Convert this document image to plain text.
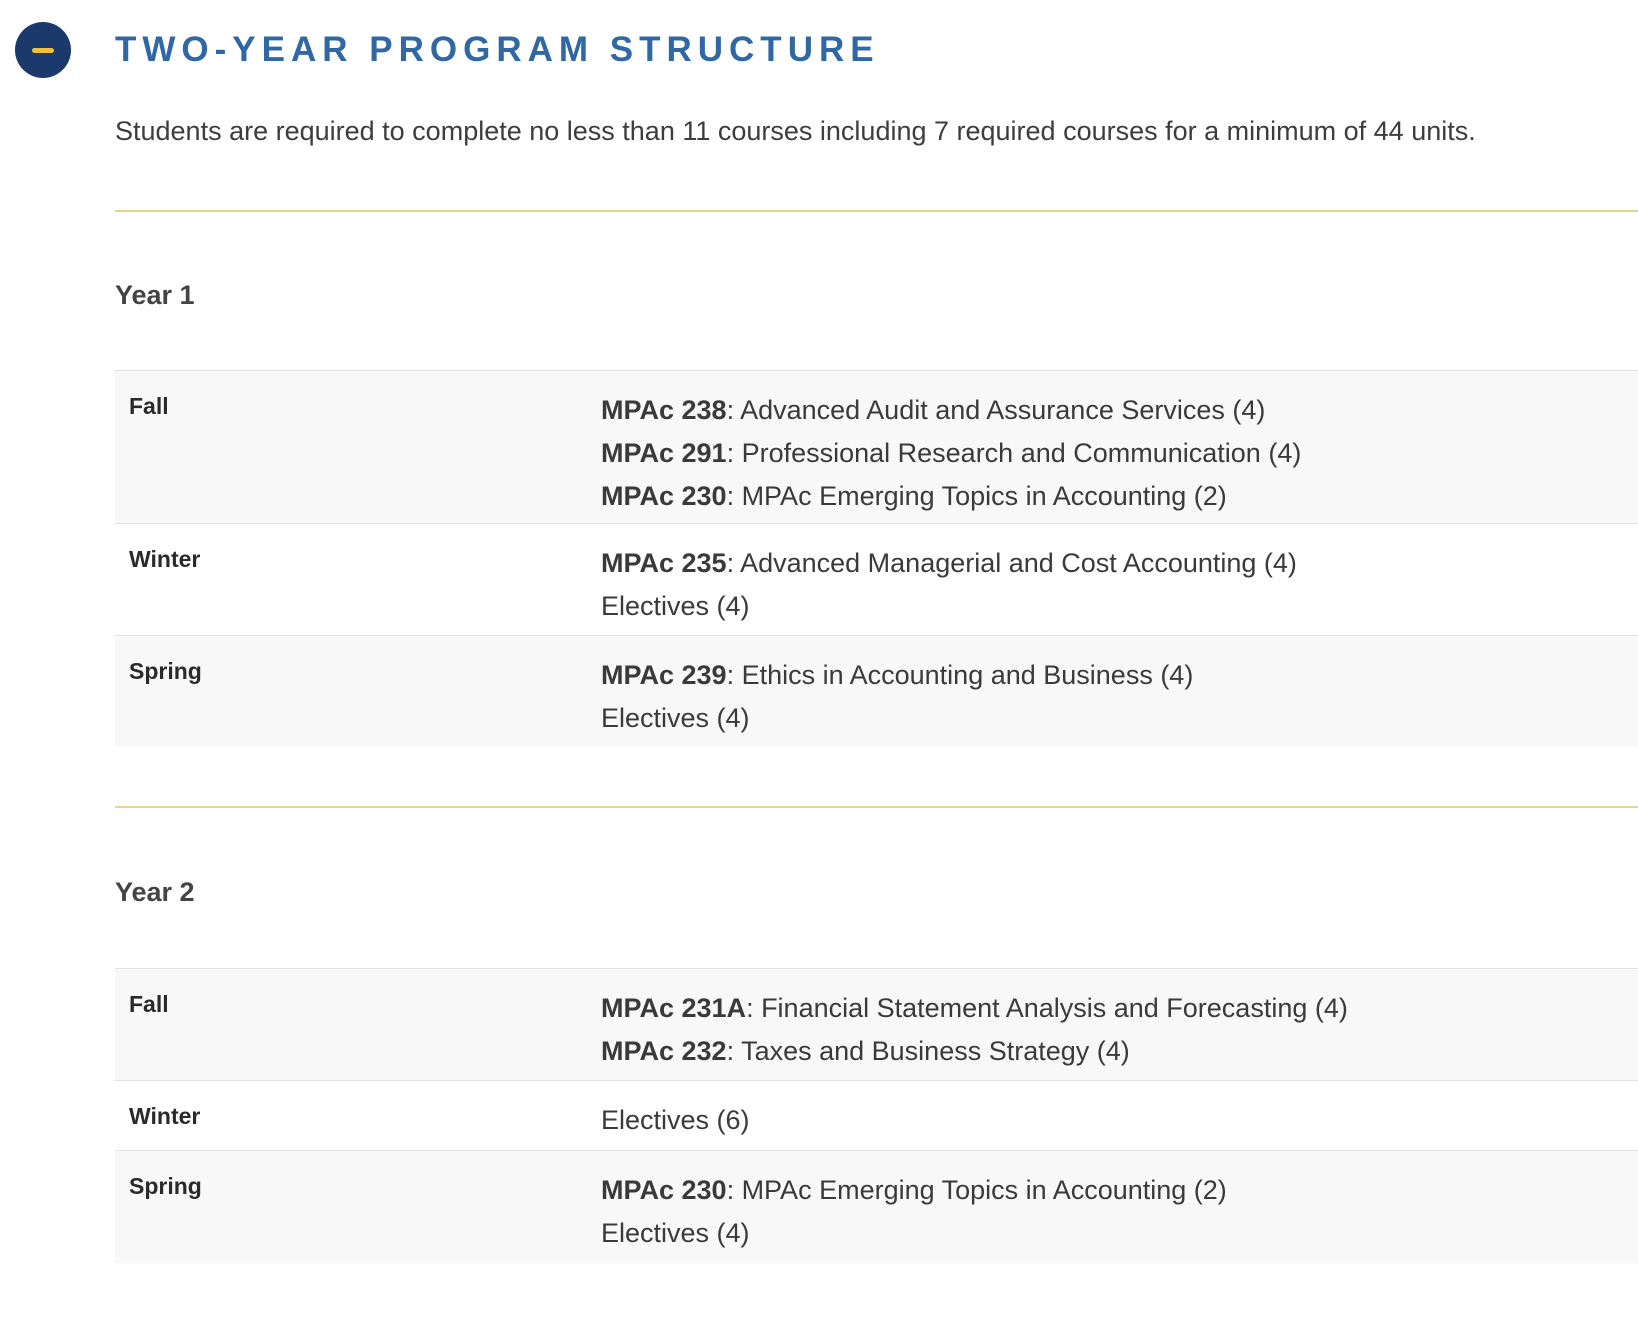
TWO-YEAR PROGRAM STRUCTURE

Students are required to complete no less than 11 courses including 7 required courses for a minimum of 44 units.

Year 1
Fall	MPAc 238: Advanced Audit and Assurance Services (4)
MPAc 291: Professional Research and Communication (4)
MPAc 230: MPAc Emerging Topics in Accounting (2)
Winter	MPAc 235: Advanced Managerial and Cost Accounting (4)
Electives (4)
Spring	MPAc 239: Ethics in Accounting and Business (4)
Electives (4)
Year 2
Fall	MPAc 231A: Financial Statement Analysis and Forecasting (4)
MPAc 232: Taxes and Business Strategy (4)
Winter	Electives (6)
Spring	MPAc 230: MPAc Emerging Topics in Accounting (2)
Electives (4)
